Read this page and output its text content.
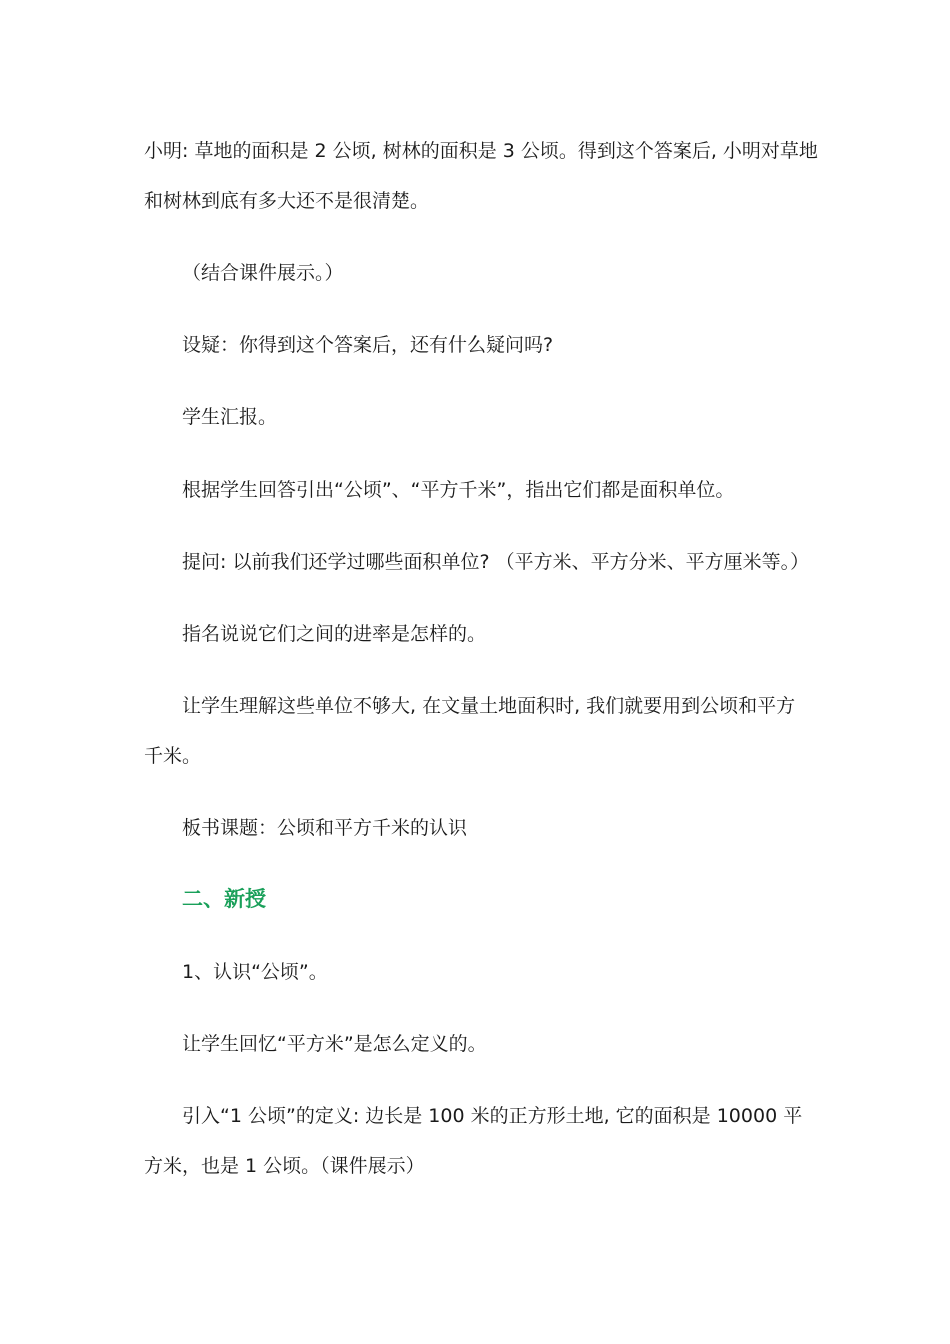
小明: 草地的面积是 2 公顷, 树林的面积是 3 公顷。得到这个答案后, 小明对草地
和树林到底有多大还不是很清楚。
（结合课件展示。）
设疑：你得到这个答案后，还有什么疑问吗?
学生汇报。
根据学生回答引出“公顷”、“平方千米”，指出它们都是面积单位。
提问: 以前我们还学过哪些面积单位? （平方米、平方分米、平方厘米等。）
指名说说它们之间的进率是怎样的。
让学生理解这些单位不够大, 在文量土地面积时, 我们就要用到公顷和平方
千米。
板书课题：公顷和平方千米的认识
二、新授
1、认识“公顷”。
让学生回忆“平方米”是怎么定义的。
引入“1 公顷”的定义: 边长是 100 米的正方形土地, 它的面积是 10000 平
方米，也是 1 公顷。（课件展示）
